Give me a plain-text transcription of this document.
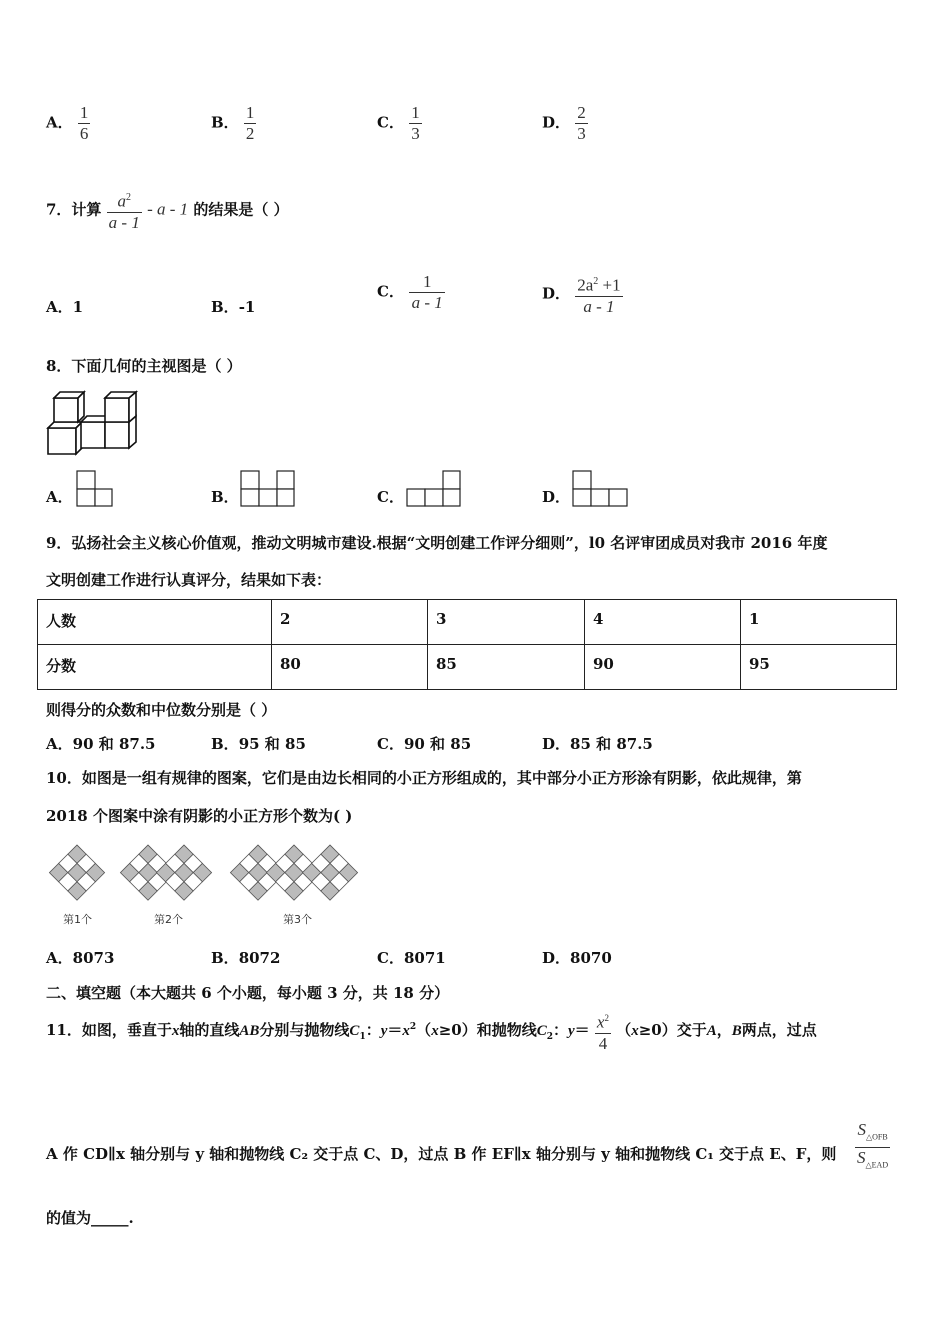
A． $\frac{1}{6}$	B． $\frac{1}{2}$	C． $\frac{1}{3}$	D． $\frac{2}{3}$
7．计算 $\frac{a^2}{a - 1}$ - a - 1 的结果是（ ）
A．1	B．-1
C． $\frac{1}{a - 1}$	D． $\frac{2a^2 +1}{a - 1}$
8．下面几何的主视图是（ ）
A．	B．	C．	D．
9．弘扬社会主义核心价值观，推动文明城市建设.根据“文明创建工作评分细则”，l0 名评审团成员对我市 2016 年度
文明创建工作进行认真评分，结果如下表：
人数	2	3	4	1
分数	80	85	90	95
则得分的众数和中位数分别是（ ）
A．90 和 87.5	B．95 和 85	C．90 和 85	D．85 和 87.5
10．如图是一组有规律的图案，它们是由边长相同的小正方形组成的，其中部分小正方形涂有阴影，依此规律，第
2018 个图案中涂有阴影的小正方形个数为( )
第1个	第2个	第3个
A．8073	B．8072	C．8071	D．8070
二、填空题（本大题共 6 个小题，每小题 3 分，共 18 分）
11．如图，垂直于x轴的直线AB分别与抛物线$C_1$：$y=x^2(x\ge 0)$和抛物线$C_2$：$y= \frac{x^2}{4} (x\ge 0)$交于A，B两点，过点
A 作 CD∥x 轴分别与 y 轴和抛物线 C₂ 交于点 C、D，过点 B 作 EF∥x 轴分别与 y 轴和抛物线 C₁ 交于点 E、F，则 $\frac{S_{\triangle OFB}}{S_{\triangle EAD}}$
的值为_____.
